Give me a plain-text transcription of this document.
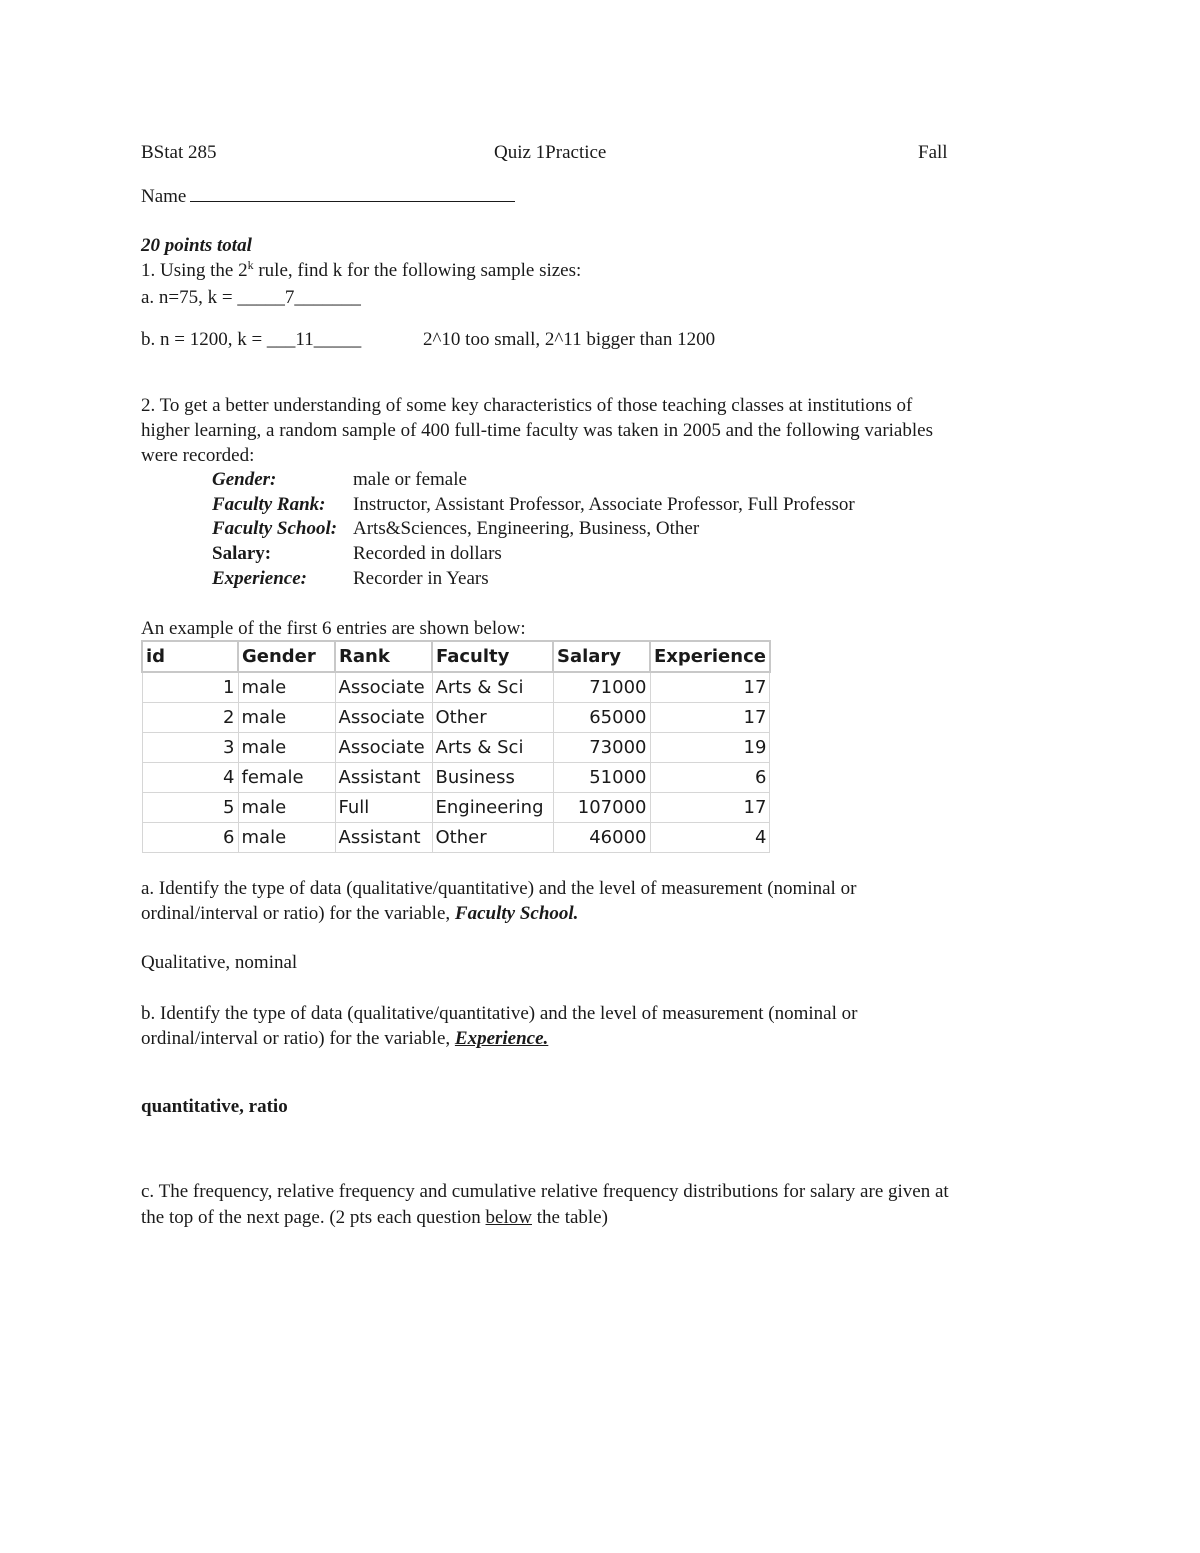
BStat 285	Quiz 1Practice	Fall
Name
20 points total
1. Using the 2$^k$ rule, find k for the following sample sizes:
a. n=75, k = _____7_______
b. n = 1200, k = ___11_____	2^10 too small, 2^11 bigger than 1200
2. To get a better understanding of some key characteristics of those teaching classes at institutions of
higher learning, a random sample of 400 full-time faculty was taken in 2005 and the following variables
were recorded:
Gender:	male or female
Faculty Rank: Instructor, Assistant Professor, Associate Professor, Full Professor
Faculty School: Arts&Sciences, Engineering, Business, Other
Salary:	Recorded in dollars
Experience: Recorder in Years
An example of the first 6 entries are shown below:
id	Gender	Rank	Faculty	Salary	Experience
1	male	Associate	Arts & Sci	71000	17
2	male	Associate	Other	65000	17
3	male	Associate	Arts & Sci	73000	19
4	female	Assistant	Business	51000	6
5	male	Full	Engineering	107000	17
6	male	Assistant	Other	46000	4
a. Identify the type of data (qualitative/quantitative) and the level of measurement (nominal or
ordinal/interval or ratio) for the variable, Faculty School.
Qualitative, nominal
b. Identify the type of data (qualitative/quantitative) and the level of measurement (nominal or
ordinal/interval or ratio) for the variable, Experience.
quantitative, ratio
c. The frequency, relative frequency and cumulative relative frequency distributions for salary are given at
the top of the next page. (2 pts each question below the table)
